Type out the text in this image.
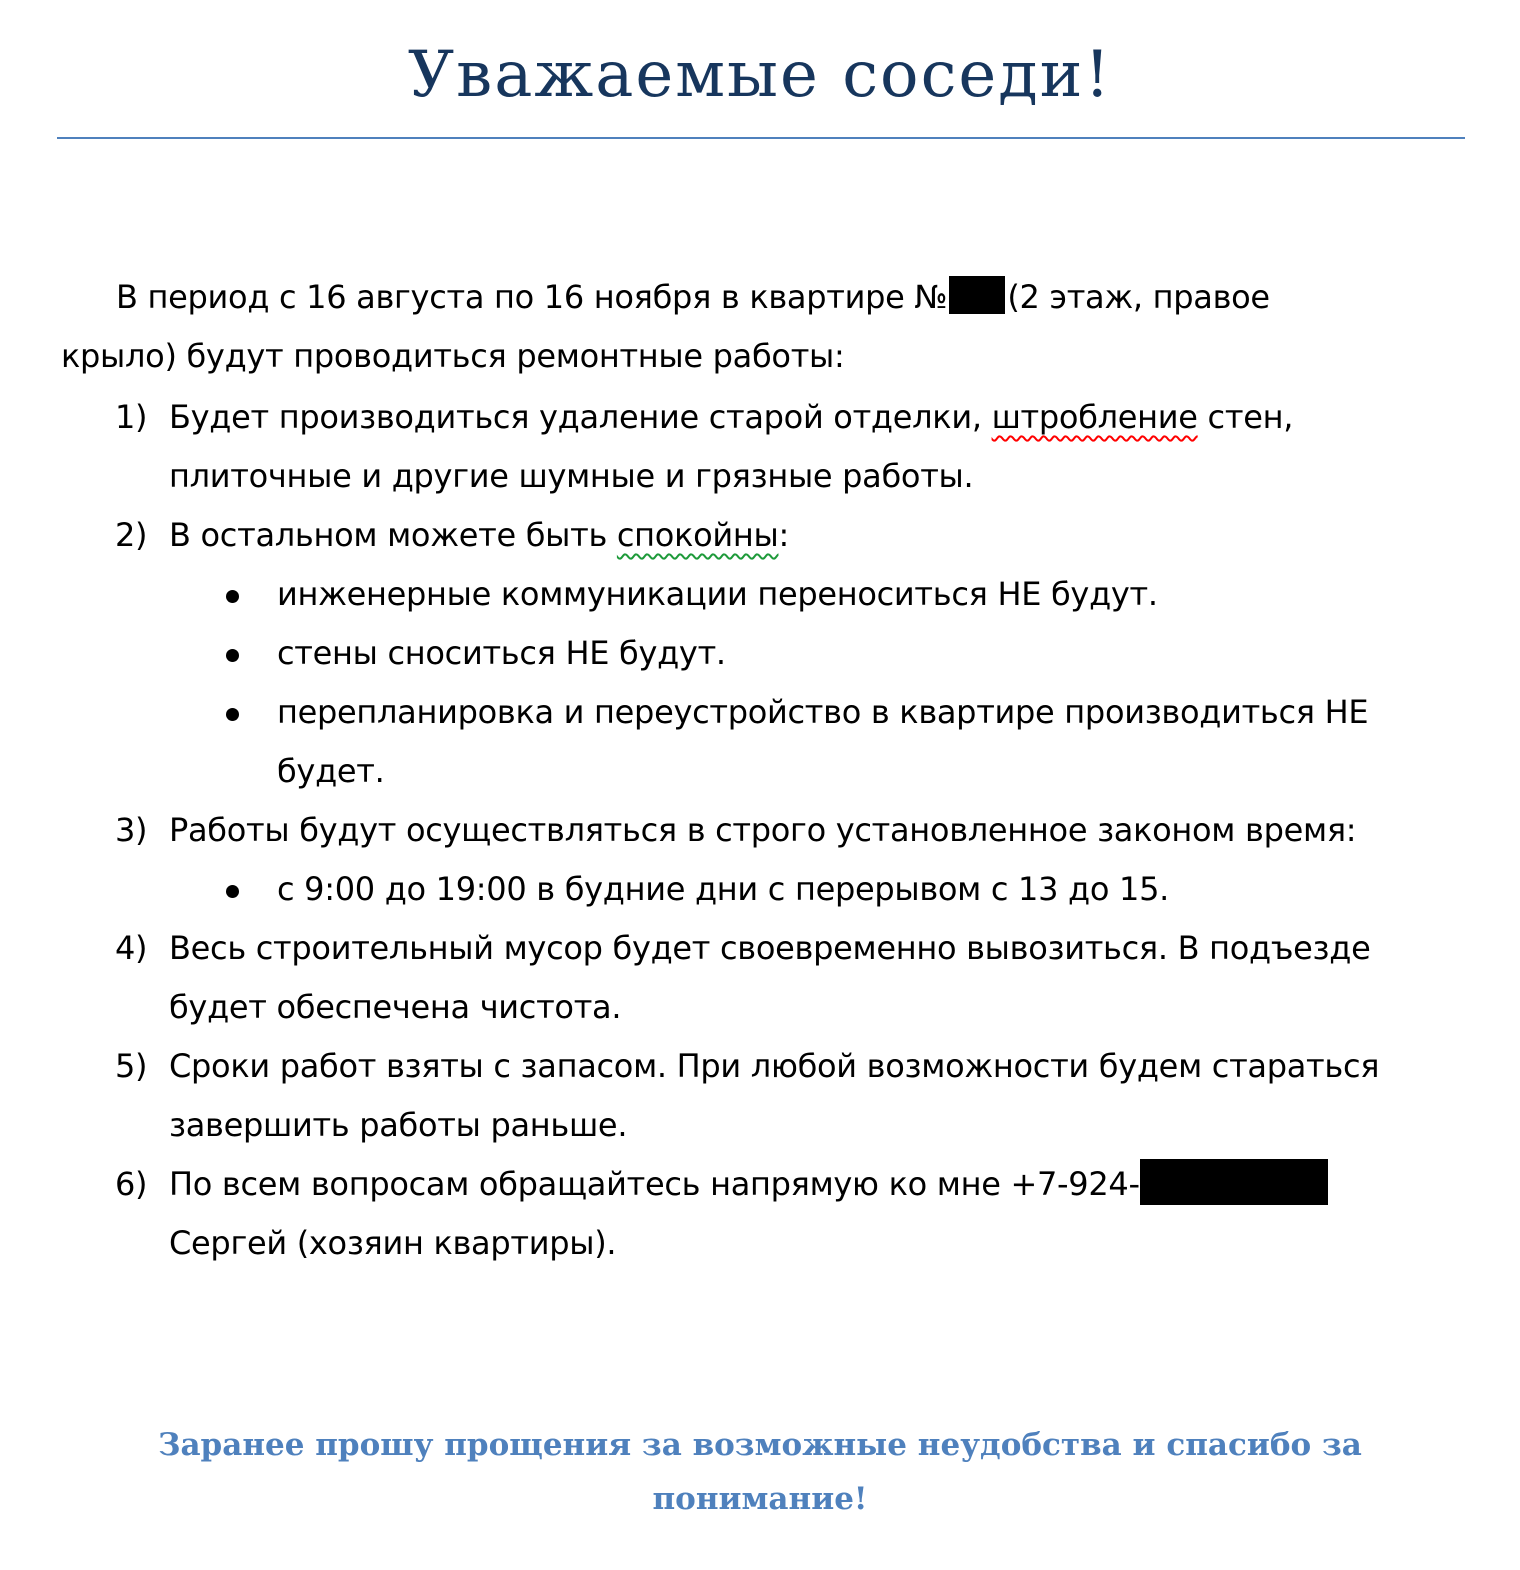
Уважаемые соседи!
В период с 16 августа по 16 ноября в квартире № (2 этаж, правое
крыло) будут проводиться ремонтные работы:
1) Будет производиться удаление старой отделки, штробление стен,
плиточные и другие шумные и грязные работы.
2) В остальном можете быть спокойны:
инженерные коммуникации переноситься НЕ будут.
стены сноситься НЕ будут.
перепланировка и переустройство в квартире производиться НЕ
будет.
3) Работы будут осуществляться в строго установленное законом время:
с 9:00 до 19:00 в будние дни с перерывом с 13 до 15.
4) Весь строительный мусор будет своевременно вывозиться. В подъезде
будет обеспечена чистота.
5) Сроки работ взяты с запасом. При любой возможности будем стараться
завершить работы раньше.
6) По всем вопросам обращайтесь напрямую ко мне +7-924-
Сергей (хозяин квартиры).
Заранее прошу прощения за возможные неудобства и спасибо за
понимание!
